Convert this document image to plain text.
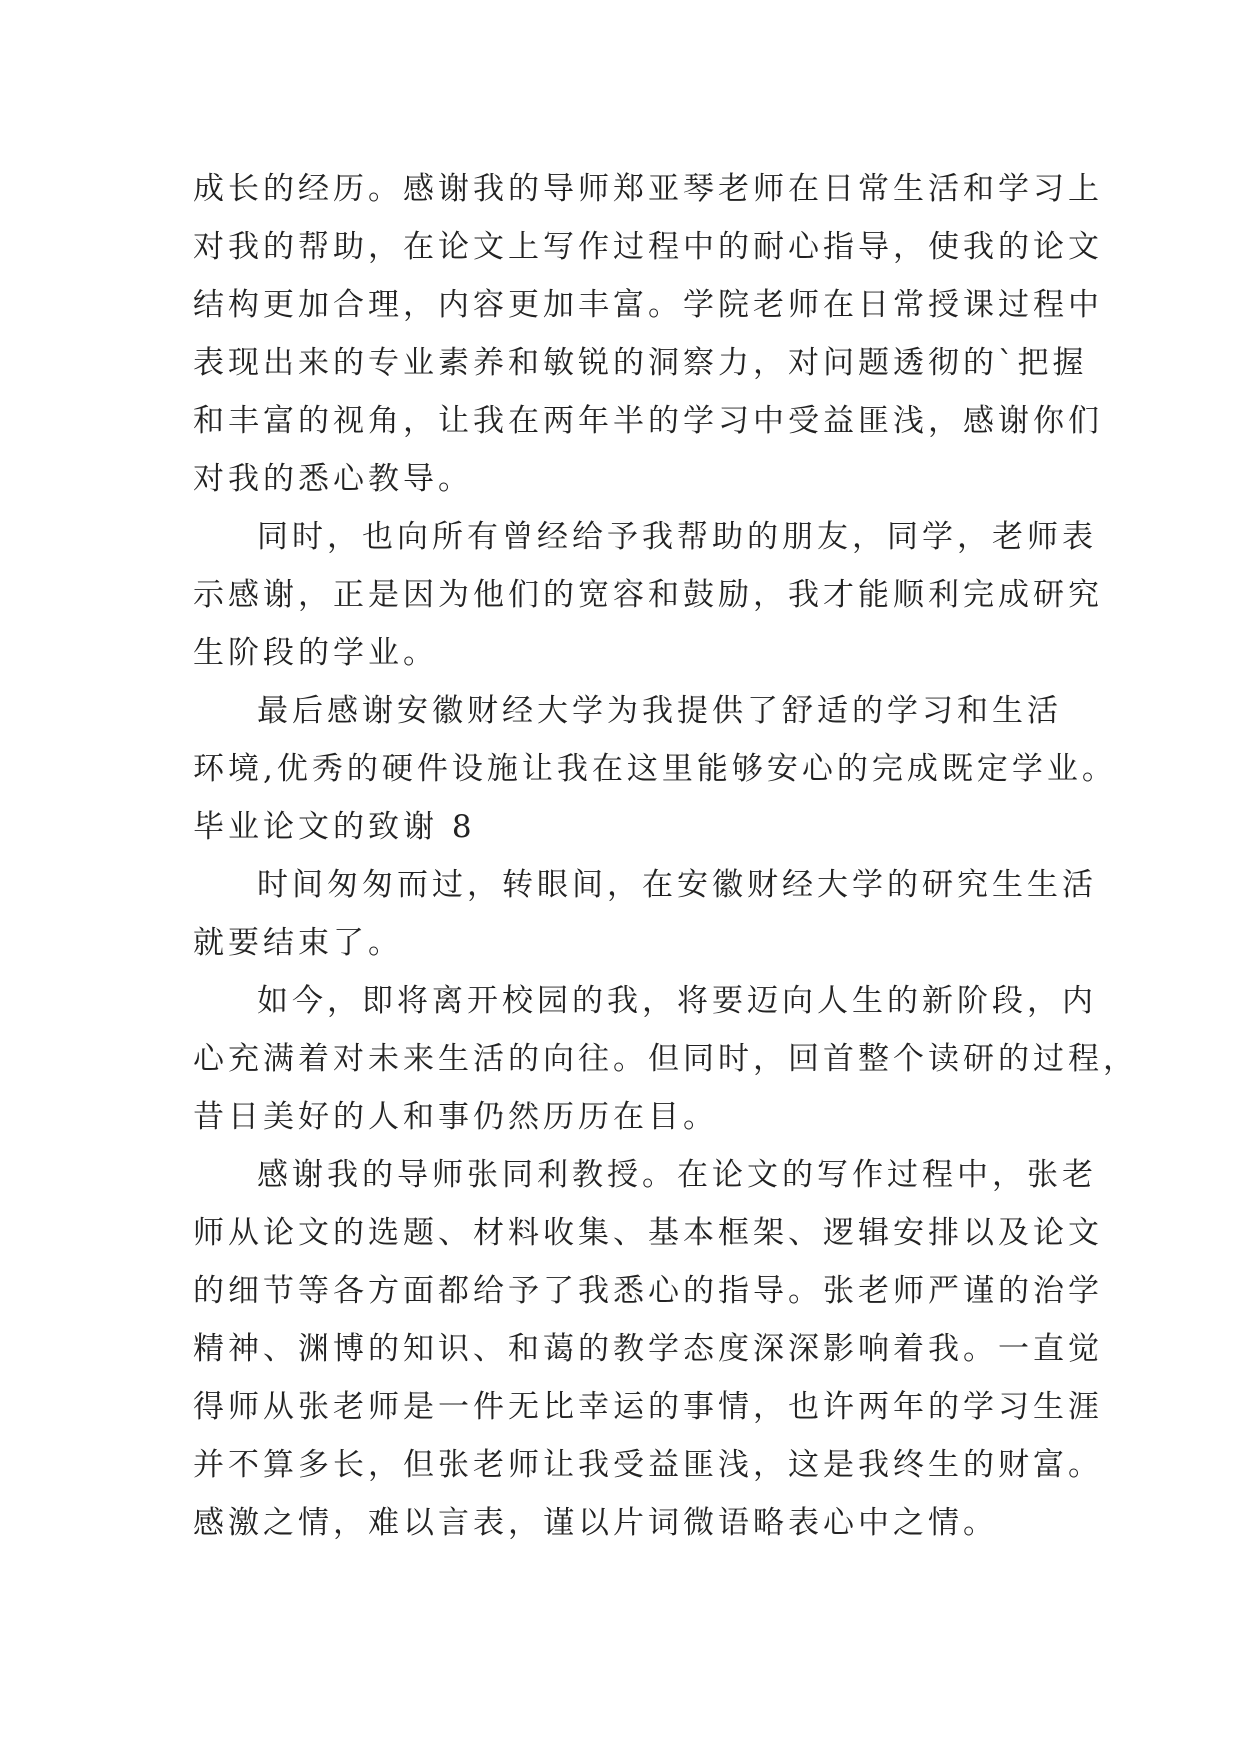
成长的经历。感谢我的导师郑亚琴老师在日常生活和学习上
对我的帮助，在论文上写作过程中的耐心指导，使我的论文
结构更加合理，内容更加丰富。学院老师在日常授课过程中
表现出来的专业素养和敏锐的洞察力，对问题透彻的`把握
和丰富的视角，让我在两年半的学习中受益匪浅，感谢你们
对我的悉心教导。

同时，也向所有曾经给予我帮助的朋友，同学，老师表
示感谢，正是因为他们的宽容和鼓励，我才能顺利完成研究
生阶段的学业。

最后感谢安徽财经大学为我提供了舒适的学习和生活
环境,优秀的硬件设施让我在这里能够安心的完成既定学业。

毕业论文的致谢 8

时间匆匆而过，转眼间，在安徽财经大学的研究生生活
就要结束了。

如今，即将离开校园的我，将要迈向人生的新阶段，内
心充满着对未来生活的向往。但同时，回首整个读研的过程，
昔日美好的人和事仍然历历在目。

感谢我的导师张同利教授。在论文的写作过程中，张老
师从论文的选题、材料收集、基本框架、逻辑安排以及论文
的细节等各方面都给予了我悉心的指导。张老师严谨的治学
精神、渊博的知识、和蔼的教学态度深深影响着我。一直觉
得师从张老师是一件无比幸运的事情，也许两年的学习生涯
并不算多长，但张老师让我受益匪浅，这是我终生的财富。
感激之情，难以言表，谨以片词微语略表心中之情。
